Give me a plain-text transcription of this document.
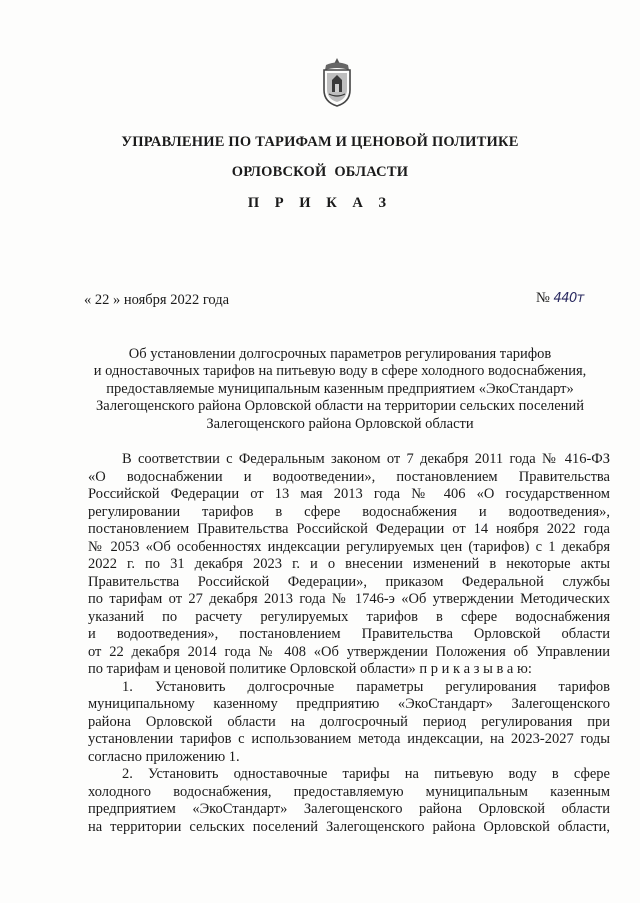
УПРАВЛЕНИЕ ПО ТАРИФАМ И ЦЕНОВОЙ ПОЛИТИКЕ
ОРЛОВСКОЙ ОБЛАСТИ
П Р И К А З
« 22 » ноября 2022 года	№ 440т
Об установлении долгосрочных параметров регулирования тарифов
и одноставочных тарифов на питьевую воду в сфере холодного водоснабжения,
предоставляемые муниципальным казенным предприятием «ЭкоСтандарт»
Залегощенского района Орловской области на территории сельских поселений
Залегощенского района Орловской области
В соответствии с Федеральным законом от 7 декабря 2011 года № 416-ФЗ
«О водоснабжении и водоотведении», постановлением Правительства
Российской Федерации от 13 мая 2013 года № 406 «О государственном
регулировании тарифов в сфере водоснабжения и водоотведения»,
постановлением Правительства Российской Федерации от 14 ноября 2022 года
№ 2053 «Об особенностях индексации регулируемых цен (тарифов) с 1 декабря
2022 г. по 31 декабря 2023 г. и о внесении изменений в некоторые акты
Правительства Российской Федерации», приказом Федеральной службы
по тарифам от 27 декабря 2013 года № 1746-э «Об утверждении Методических
указаний по расчету регулируемых тарифов в сфере водоснабжения
и водоотведения», постановлением Правительства Орловской области
от 22 декабря 2014 года № 408 «Об утверждении Положения об Управлении
по тарифам и ценовой политике Орловской области» п р и к а з ы в а ю:
1. Установить долгосрочные параметры регулирования тарифов
муниципальному казенному предприятию «ЭкоСтандарт» Залегощенского
района Орловской области на долгосрочный период регулирования при
установлении тарифов с использованием метода индексации, на 2023-2027 годы
согласно приложению 1.
2. Установить одноставочные тарифы на питьевую воду в сфере
холодного водоснабжения, предоставляемую муниципальным казенным
предприятием «ЭкоСтандарт» Залегощенского района Орловской области
на территории сельских поселений Залегощенского района Орловской области,
